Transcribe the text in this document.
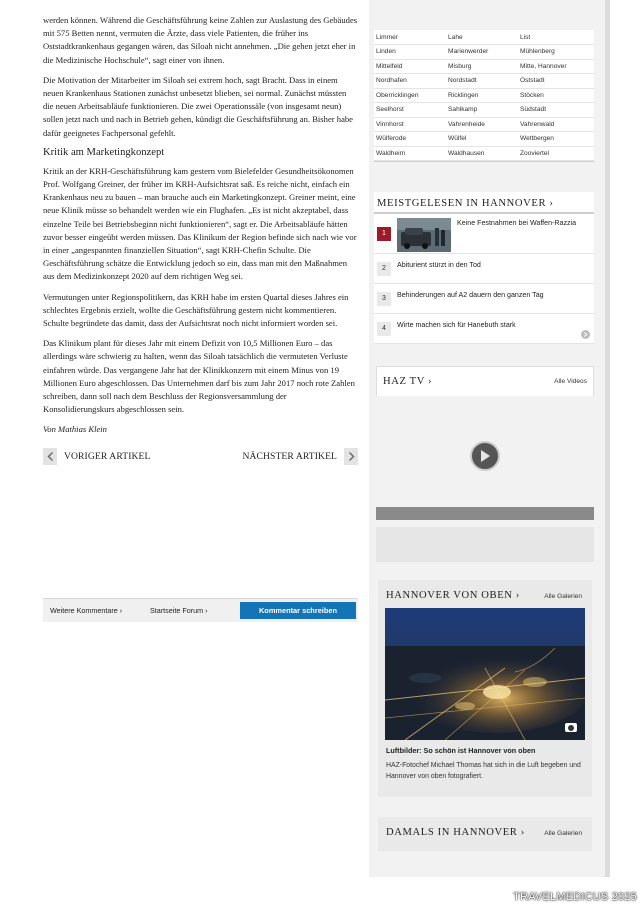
werden können. Während die Geschäftsführung keine Zahlen zur Auslastung des Gebäudes mit 575 Betten nennt, vermuten die Ärzte, dass viele Patienten, die früher ins Oststadtkrankenhaus gegangen wären, das Siloah nicht annehmen. „Die gehen jetzt eher in die Medizinische Hochschule“, sagt einer von ihnen.

Die Motivation der Mitarbeiter im Siloah sei extrem hoch, sagt Bracht. Dass in einem neuen Krankenhaus Stationen zunächst unbesetzt blieben, sei normal. Zunächst müssten die neuen Arbeitsabläufe funktionieren. Die zwei Operationssäle (von insgesamt neun) sollen jetzt nach und nach in Betrieb gehen, kündigt die Geschäftsführung an. Bisher habe dafür geeignetes Fachpersonal gefehlt.

Kritik am Marketingkonzept

Kritik an der KRH-Geschäftsführung kam gestern vom Bielefelder Gesundheitsökonomen Prof. Wolfgang Greiner, der früher im KRH-Aufsichtsrat saß. Es reiche nicht, einfach ein Krankenhaus neu zu bauen – man brauche auch ein Marketingkonzept. Greiner meint, eine neue Klinik müsse so behandelt werden wie ein Flughafen. „Es ist nicht akzeptabel, dass einzelne Teile bei Betriebsbeginn nicht funktionieren“, sagt er. Die Arbeitsabläufe hätten zuvor besser eingeübt werden müssen. Das Klinikum der Region befinde sich nach wie vor in einer „angespannten finanziellen Situation“, sagt KRH-Chefin Schulte. Die Geschäftsführung schätze die Entwicklung jedoch so ein, dass man mit den Maßnahmen aus dem Medizinkonzept 2020 auf dem richtigen Weg sei.

Vermutungen unter Regionspolitikern, das KRH habe im ersten Quartal dieses Jahres ein schlechtes Ergebnis erzielt, wollte die Geschäftsführung gestern nicht kommentieren. Schulte begründete das damit, dass der Aufsichtsrat noch nicht informiert worden sei.

Das Klinikum plant für dieses Jahr mit einem Defizit von 10,5 Millionen Euro – das allerdings wäre schwierig zu halten, wenn das Siloah tatsächlich die vermuteten Verluste einfahren würde. Das vergangene Jahr hat der Klinikkonzern mit einem Minus von 19 Millionen Euro abgeschlossen. Das Unternehmen darf bis zum Jahr 2017 noch rote Zahlen schreiben, dann soll nach dem Beschluss der Regionsversammlung der Konsolidierungskurs abgeschlossen sein.

Von Mathias Klein

VORIGER ARTIKEL	NÄCHSTER ARTIKEL
Weitere Kommentare ›	Startseite Forum ›	Kommentar schreiben
Limmer	Lahe	List
Linden	Marienwerder	Mühlenberg
Mittelfeld	Misburg	Mitte, Hannover
Nordhafen	Nordstadt	Oststadt
Oberricklingen	Ricklingen	Stöcken
Seelhorst	Sahlkamp	Südstadt
Vinnhorst	Vahrenheide	Vahrenwald
Wülferode	Wülfel	Wettbergen
Waldheim	Waldhausen	Zooviertel
MEISTGELESEN IN HANNOVER ›
1
Keine Festnahmen bei Waffen-Razzia
2	Abiturient stürzt in den Tod
3	Behinderungen auf A2 dauern den ganzen Tag
4	Wirte machen sich für Hanebuth stark
HAZ TV ›	Alle Videos
HANNOVER VON OBEN ›	Alle Galerien
Luftbilder: So schön ist Hannover von oben
HAZ-Fotochef Michael Thomas hat sich in die Luft begeben und Hannover von oben fotografiert.
DAMALS IN HANNOVER ›	Alle Galerien
TRAVELMEDICUS 2025
